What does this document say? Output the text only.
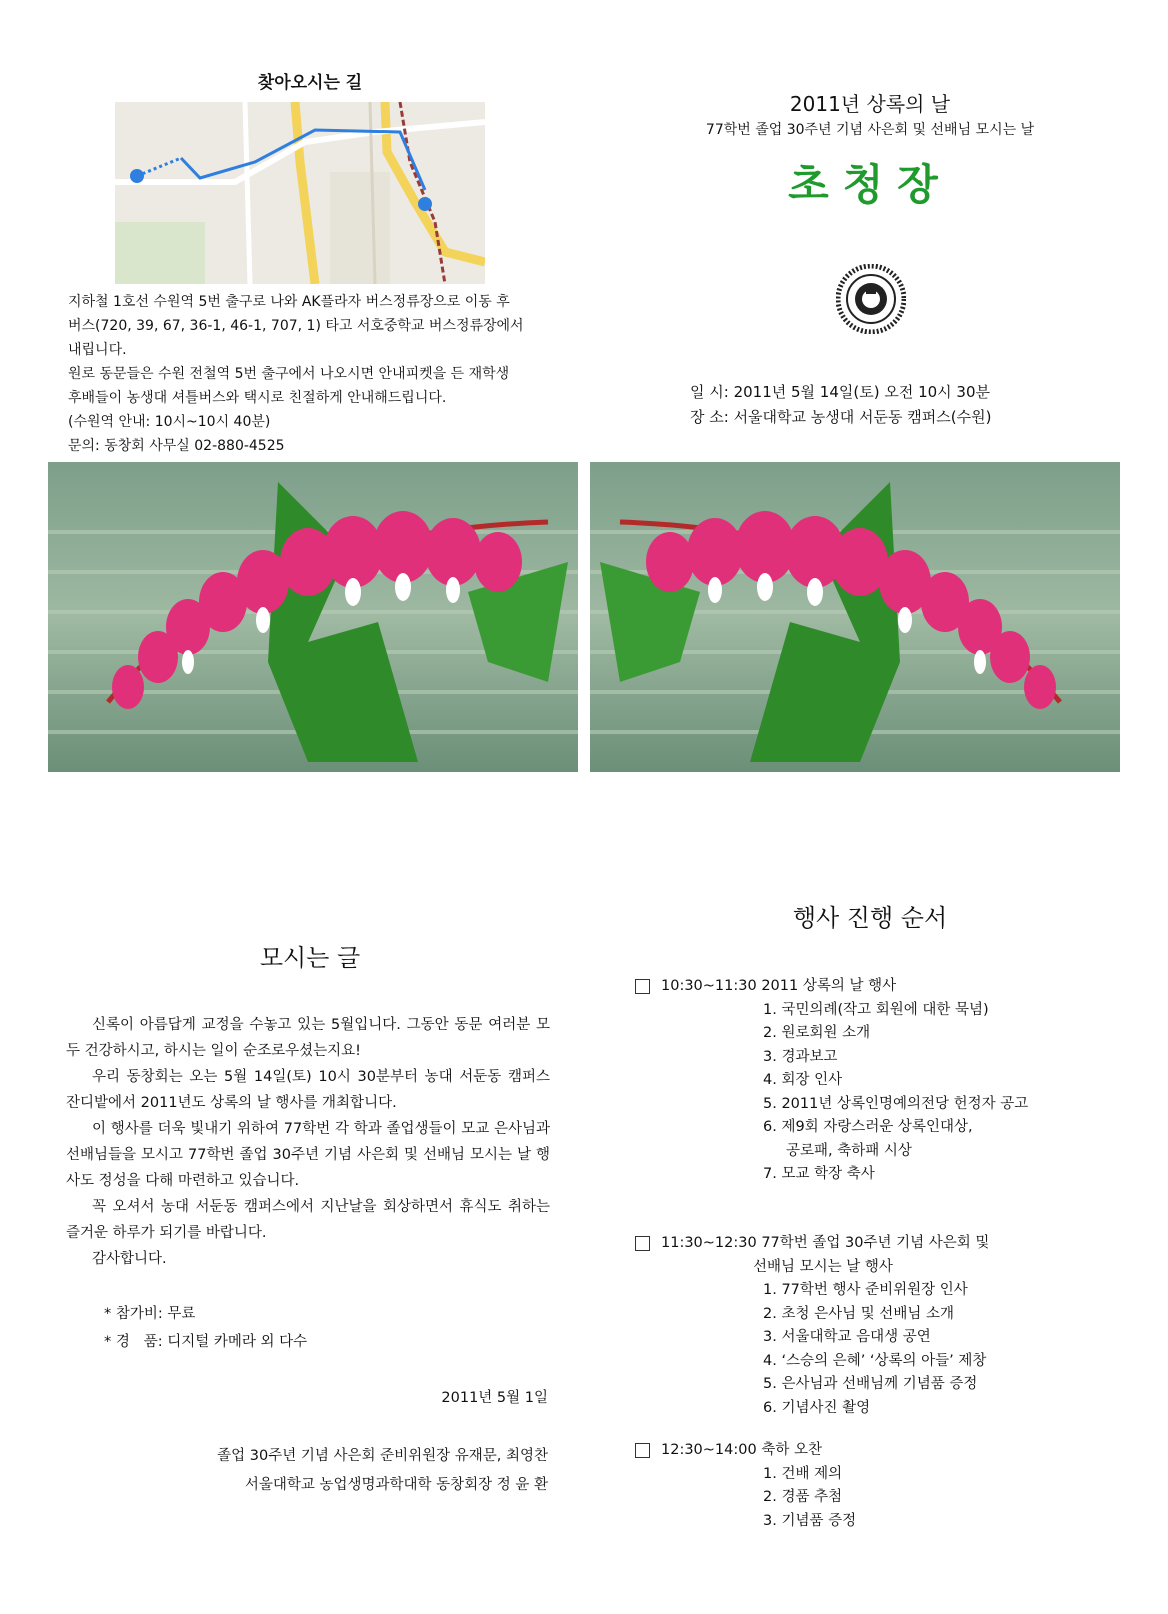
찾아오시는 길
지하철 1호선 수원역 5번 출구로 나와 AK플라자 버스정류장으로 이동 후
버스(720, 39, 67, 36-1, 46-1, 707, 1) 타고 서호중학교 버스정류장에서
내립니다.
원로 동문들은 수원 전철역 5번 출구에서 나오시면 안내피켓을 든 재학생
후배들이 농생대 셔틀버스와 택시로 친절하게 안내해드립니다.
(수원역 안내: 10시~10시 40분)
문의: 동창회 사무실 02-880-4525
2011년 상록의 날
77학번 졸업 30주년 기념 사은회 및 선배님 모시는 날
초청장
일 시: 2011년 5월 14일(토) 오전 10시 30분
장 소: 서울대학교 농생대 서둔동 캠퍼스(수원)
모시는 글

신록이 아름답게 교정을 수놓고 있는 5월입니다. 그동안 동문 여러분 모두 건강하시고, 하시는 일이 순조로우셨는지요!

우리 동창회는 오는 5월 14일(토) 10시 30분부터 농대 서둔동 캠퍼스 잔디밭에서 2011년도 상록의 날 행사를 개최합니다.

이 행사를 더욱 빛내기 위하여 77학번 각 학과 졸업생들이 모교 은사님과 선배님들을 모시고 77학번 졸업 30주년 기념 사은회 및 선배님 모시는 날 행사도 정성을 다해 마련하고 있습니다.

꼭 오셔서 농대 서둔동 캠퍼스에서 지난날을 회상하면서 휴식도 취하는 즐거운 하루가 되기를 바랍니다.

감사합니다.

* 참가비: 무료
* 경   품: 디지털 카메라 외 다수
2011년 5월 1일
졸업 30주년 기념 사은회 준비위원장 유재문, 최영찬
서울대학교 농업생명과학대학 동창회장 정 윤 환
행사 진행 순서
10:30~11:30 2011 상록의 날 행사
1. 국민의례(작고 회원에 대한 묵념)
2. 원로회원 소개
3. 경과보고
4. 회장 인사
5. 2011년 상록인명예의전당 헌정자 공고
6. 제9회 자랑스러운 상록인대상,
공로패, 축하패 시상
7. 모교 학장 축사
11:30~12:30 77학번 졸업 30주년 기념 사은회 및
선배님 모시는 날 행사
1. 77학번 행사 준비위원장 인사
2. 초청 은사님 및 선배님 소개
3. 서울대학교 음대생 공연
4. ‘스승의 은혜’ ‘상록의 아들’ 제창
5. 은사님과 선배님께 기념품 증정
6. 기념사진 촬영
12:30~14:00 축하 오찬
1. 건배 제의
2. 경품 추첨
3. 기념품 증정
